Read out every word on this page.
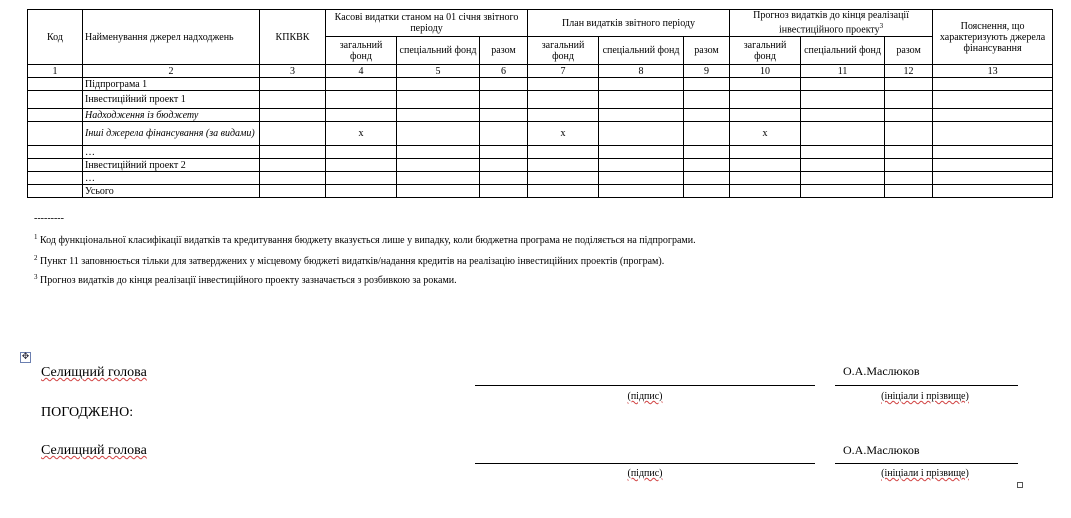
Код	Найменування джерел надходжень	КПКВК	Касові видатки станом на 01 січня звітного періоду			План видатків звітного періоду			Прогноз видатків до кінця реалізації інвестиційного проекту$^3$			Пояснення, що характеризують джерела фінансування
			загальний фонд	спеціальний фонд	разом	загальний фонд	спеціальний фонд	разом	загальний фонд	спеціальний фонд	разом	
1	2	3	4	5	6	7	8	9	10	11	12	13
	Підпрограма 1											
	Інвестиційний проект 1											
	Надходження із бюджету											
	Інші джерела фінансування (за видами)		x			x			x			
	…											
	Інвестиційний проект 2											
	…											
	Усього											
---------
$^1$ Код функціональної класифікації видатків та кредитування бюджету вказується лише у випадку, коли бюджетна програма не поділяється на підпрограми.
$^2$ Пункт 11 заповнюється тільки для затверджених у місцевому бюджеті видатків/надання кредитів на реалізацію інвестиційних проектів (програм).
$^3$ Прогноз видатків до кінця реалізації інвестиційного проекту зазначається з розбивкою за роками.
✥
Селищний голова	О.А.Маслюков
(підпис)	(ініціали і прізвище)
ПОГОДЖЕНО:
Селищний голова	О.А.Маслюков
(підпис)	(ініціали і прізвище)
